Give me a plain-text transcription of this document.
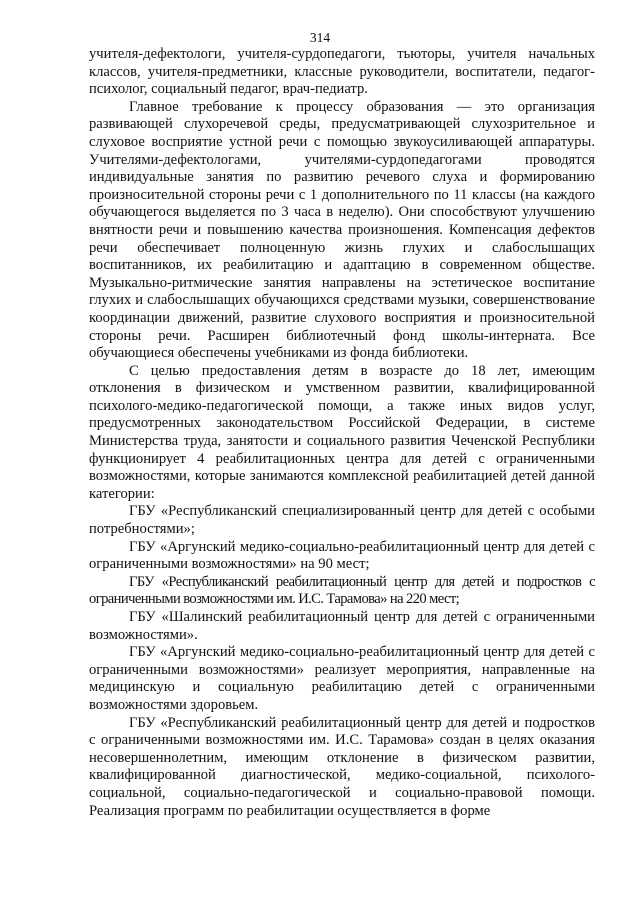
314

учителя-дефектологи, учителя-сурдопедагоги, тьюторы, учителя начальных классов, учителя-предметники, классные руководители, воспитатели, педагог-психолог, социальный педагог, врач-педиатр.

Главное требование к процессу образования — это организация развивающей слухоречевой среды, предусматривающей слухозрительное и слуховое восприятие устной речи с помощью звукоусиливающей аппаратуры. Учителями-дефектологами, учителями-сурдопедагогами проводятся индивидуальные занятия по развитию речевого слуха и формированию произносительной стороны речи с 1 дополнительного по 11 классы (на каждого обучающегося выделяется по 3 часа в неделю). Они способствуют улучшению внятности речи и повышению качества произношения. Компенсация дефектов речи обеспечивает полноценную жизнь глухих и слабослышащих воспитанников, их реабилитацию и адаптацию в современном обществе. Музыкально-ритмические занятия направлены на эстетическое воспитание глухих и слабослышащих обучающихся средствами музыки, совершенствование координации движений, развитие слухового восприятия и произносительной стороны речи. Расширен библиотечный фонд школы-интерната. Все обучающиеся обеспечены учебниками из фонда библиотеки.

С целью предоставления детям в возрасте до 18 лет, имеющим отклонения в физическом и умственном развитии, квалифицированной психолого-медико-педагогической помощи, а также иных видов услуг, предусмотренных законодательством Российской Федерации, в системе Министерства труда, занятости и социального развития Чеченской Республики функционирует 4 реабилитационных центра для детей с ограниченными возможностями, которые занимаются комплексной реабилитацией детей данной категории:

ГБУ «Республиканский специализированный центр для детей с особыми потребностями»;

ГБУ «Аргунский медико-социально-реабилитационный центр для детей с ограниченными возможностями» на 90 мест;

ГБУ «Республиканский реабилитационный центр для детей и подростков с ограниченными возможностями им. И.С. Тарамова» на 220 мест;

ГБУ «Шалинский реабилитационный центр для детей с ограниченными возможностями».

ГБУ «Аргунский медико-социально-реабилитационный центр для детей с ограниченными возможностями» реализует мероприятия, направленные на медицинскую и социальную реабилитацию детей с ограниченными возможностями здоровьем.

ГБУ «Республиканский реабилитационный центр для детей и подростков с ограниченными возможностями им. И.С. Тарамова» создан в целях оказания несовершеннолетним, имеющим отклонение в физическом развитии, квалифицированной диагностической, медико-социальной, психолого-социальной, социально-педагогической и социально-правовой помощи. Реализация программ по реабилитации осуществляется в форме
